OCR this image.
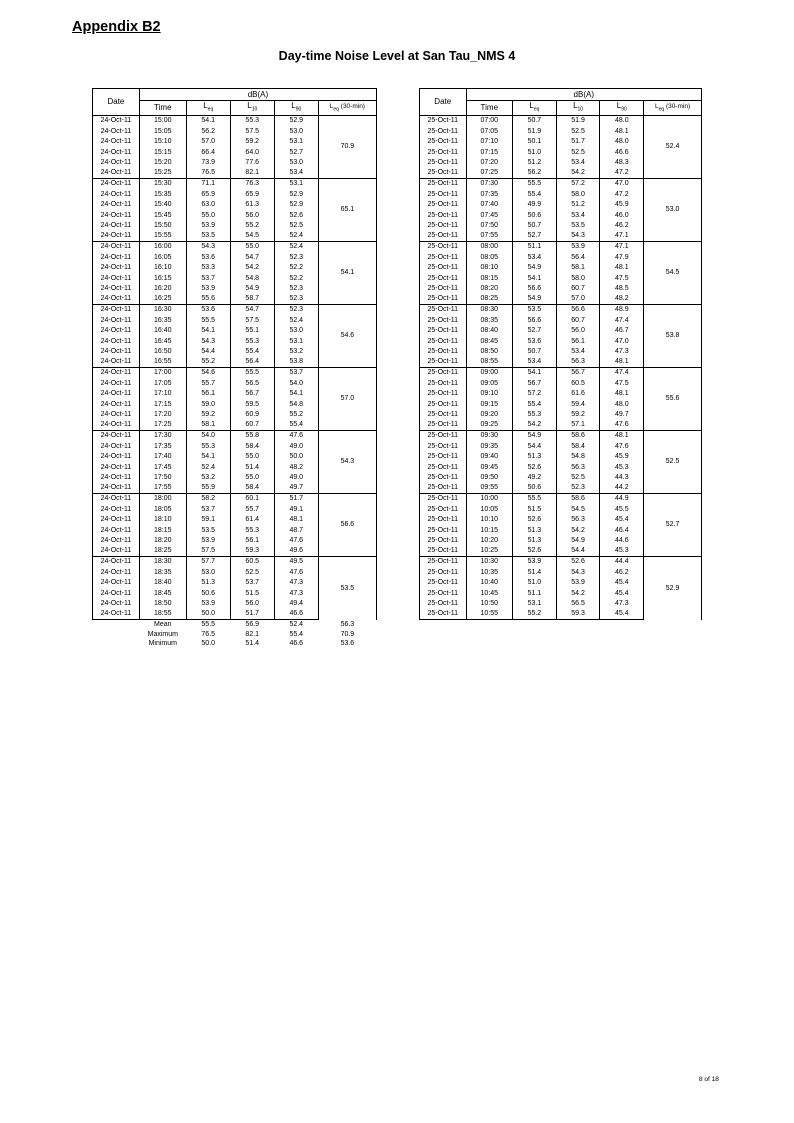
Appendix B2
Day-time Noise Level at San Tau_NMS 4
Date	dB(A)				
	Time	$L_{eq}$	$L_{10}$	$L_{90}$	$L_{eq}$ (30-min)
24-Oct-11	15:00	54.1	55.3	52.9	70.9
24-Oct-11	15:05	56.2	57.5	53.0	
24-Oct-11	15:10	57.0	59.2	53.1	
24-Oct-11	15:15	66.4	64.0	52.7	
24-Oct-11	15:20	73.9	77.6	53.0	
24-Oct-11	15:25	76.5	82.1	53.4	
24-Oct-11	15:30	71.1	76.3	53.1	65.1
24-Oct-11	15:35	65.9	65.9	52.9	
24-Oct-11	15:40	63.0	61.3	52.9	
24-Oct-11	15:45	55.0	56.0	52.6	
24-Oct-11	15:50	53.9	55.2	52.5	
24-Oct-11	15:55	53.5	54.5	52.4	
24-Oct-11	16:00	54.3	55.0	52.4	54.1
24-Oct-11	16:05	53.6	54.7	52.3	
24-Oct-11	16:10	53.3	54.2	52.2	
24-Oct-11	16:15	53.7	54.8	52.2	
24-Oct-11	16:20	53.9	54.9	52.3	
24-Oct-11	16:25	55.6	58.7	52.3	
24-Oct-11	16:30	53.6	54.7	52.3	54.6
24-Oct-11	16:35	55.5	57.5	52.4	
24-Oct-11	16:40	54.1	55.1	53.0	
24-Oct-11	16:45	54.3	55.3	53.1	
24-Oct-11	16:50	54.4	55.4	53.2	
24-Oct-11	16:55	55.2	56.4	53.8	
24-Oct-11	17:00	54.6	55.5	53.7	57.0
24-Oct-11	17:05	55.7	56.5	54.0	
24-Oct-11	17:10	56.1	56.7	54.1	
24-Oct-11	17:15	59.0	59.5	54.8	
24-Oct-11	17:20	59.2	60.9	55.2	
24-Oct-11	17:25	58.1	60.7	55.4	
24-Oct-11	17:30	54.0	55.8	47.6	54.3
24-Oct-11	17:35	55.3	58.4	49.0	
24-Oct-11	17:40	54.1	55.0	50.0	
24-Oct-11	17:45	52.4	51.4	48.2	
24-Oct-11	17:50	53.2	55.0	49.0	
24-Oct-11	17:55	55.9	58.4	49.7	
24-Oct-11	18:00	58.2	60.1	51.7	56.6
24-Oct-11	18:05	53.7	55.7	49.1	
24-Oct-11	18:10	59.1	61.4	48.1	
24-Oct-11	18:15	53.5	55.3	48.7	
24-Oct-11	18:20	53.9	56.1	47.6	
24-Oct-11	18:25	57.5	59.3	49.6	
24-Oct-11	18:30	57.7	60.5	49.5	53.5
24-Oct-11	18:35	53.0	52.5	47.6	
24-Oct-11	18:40	51.3	53.7	47.3	
24-Oct-11	18:45	50.6	51.5	47.3	
24-Oct-11	18:50	53.9	56.0	49.4	
24-Oct-11	18:55	50.0	51.7	46.6	
	Mean	55.5	56.9	52.4	56.3
	Maximum	76.5	82.1	55.4	70.9
	Minimum	50.0	51.4	46.6	53.6
Date	dB(A)				
	Time	$L_{eq}$	$L_{10}$	$L_{90}$	$L_{eq}$ (30-min)
25-Oct-11	07:00	50.7	51.9	48.0	52.4
25-Oct-11	07:05	51.9	52.5	48.1	
25-Oct-11	07:10	50.1	51.7	48.0	
25-Oct-11	07:15	51.0	52.5	46.6	
25-Oct-11	07:20	51.2	53.4	48.3	
25-Oct-11	07:25	56.2	54.2	47.2	
25-Oct-11	07:30	55.5	57.2	47.0	53.0
25-Oct-11	07:35	55.4	58.0	47.2	
25-Oct-11	07:40	49.9	51.2	45.9	
25-Oct-11	07:45	50.6	53.4	46.0	
25-Oct-11	07:50	50.7	53.5	46.2	
25-Oct-11	07:55	52.7	54.3	47.1	
25-Oct-11	08:00	51.1	53.9	47.1	54.5
25-Oct-11	08:05	53.4	56.4	47.9	
25-Oct-11	08:10	54.9	58.1	48.1	
25-Oct-11	08:15	54.1	58.0	47.5	
25-Oct-11	08:20	56.6	60.7	48.5	
25-Oct-11	08:25	54.9	57.0	48.2	
25-Oct-11	08:30	53.5	56.6	48.9	53.8
25-Oct-11	08:35	56.6	60.7	47.4	
25-Oct-11	08:40	52.7	56.0	46.7	
25-Oct-11	08:45	53.6	56.1	47.0	
25-Oct-11	08:50	50.7	53.4	47.3	
25-Oct-11	08:55	53.4	56.3	48.1	
25-Oct-11	09:00	54.1	56.7	47.4	55.6
25-Oct-11	09:05	56.7	60.5	47.5	
25-Oct-11	09:10	57.2	61.6	48.1	
25-Oct-11	09:15	55.4	59.4	48.0	
25-Oct-11	09:20	55.3	59.2	49.7	
25-Oct-11	09:25	54.2	57.1	47.6	
25-Oct-11	09:30	54.9	58.6	48.1	52.5
25-Oct-11	09:35	54.4	58.4	47.6	
25-Oct-11	09:40	51.3	54.8	45.9	
25-Oct-11	09:45	52.6	56.3	45.3	
25-Oct-11	09:50	49.2	52.5	44.3	
25-Oct-11	09:55	50.6	52.3	44.2	
25-Oct-11	10:00	55.5	58.6	44.9	52.7
25-Oct-11	10:05	51.5	54.5	45.5	
25-Oct-11	10:10	52.6	56.3	45.4	
25-Oct-11	10:15	51.3	54.2	46.4	
25-Oct-11	10:20	51.3	54.9	44.6	
25-Oct-11	10:25	52.6	54.4	45.3	
25-Oct-11	10:30	53.9	52.6	44.4	52.9
25-Oct-11	10:35	51.4	54.3	46.2	
25-Oct-11	10:40	51.0	53.9	45.4	
25-Oct-11	10:45	51.1	54.2	45.4	
25-Oct-11	10:50	53.1	56.5	47.3	
25-Oct-11	10:55	55.2	59.3	45.4	

8 of 18
